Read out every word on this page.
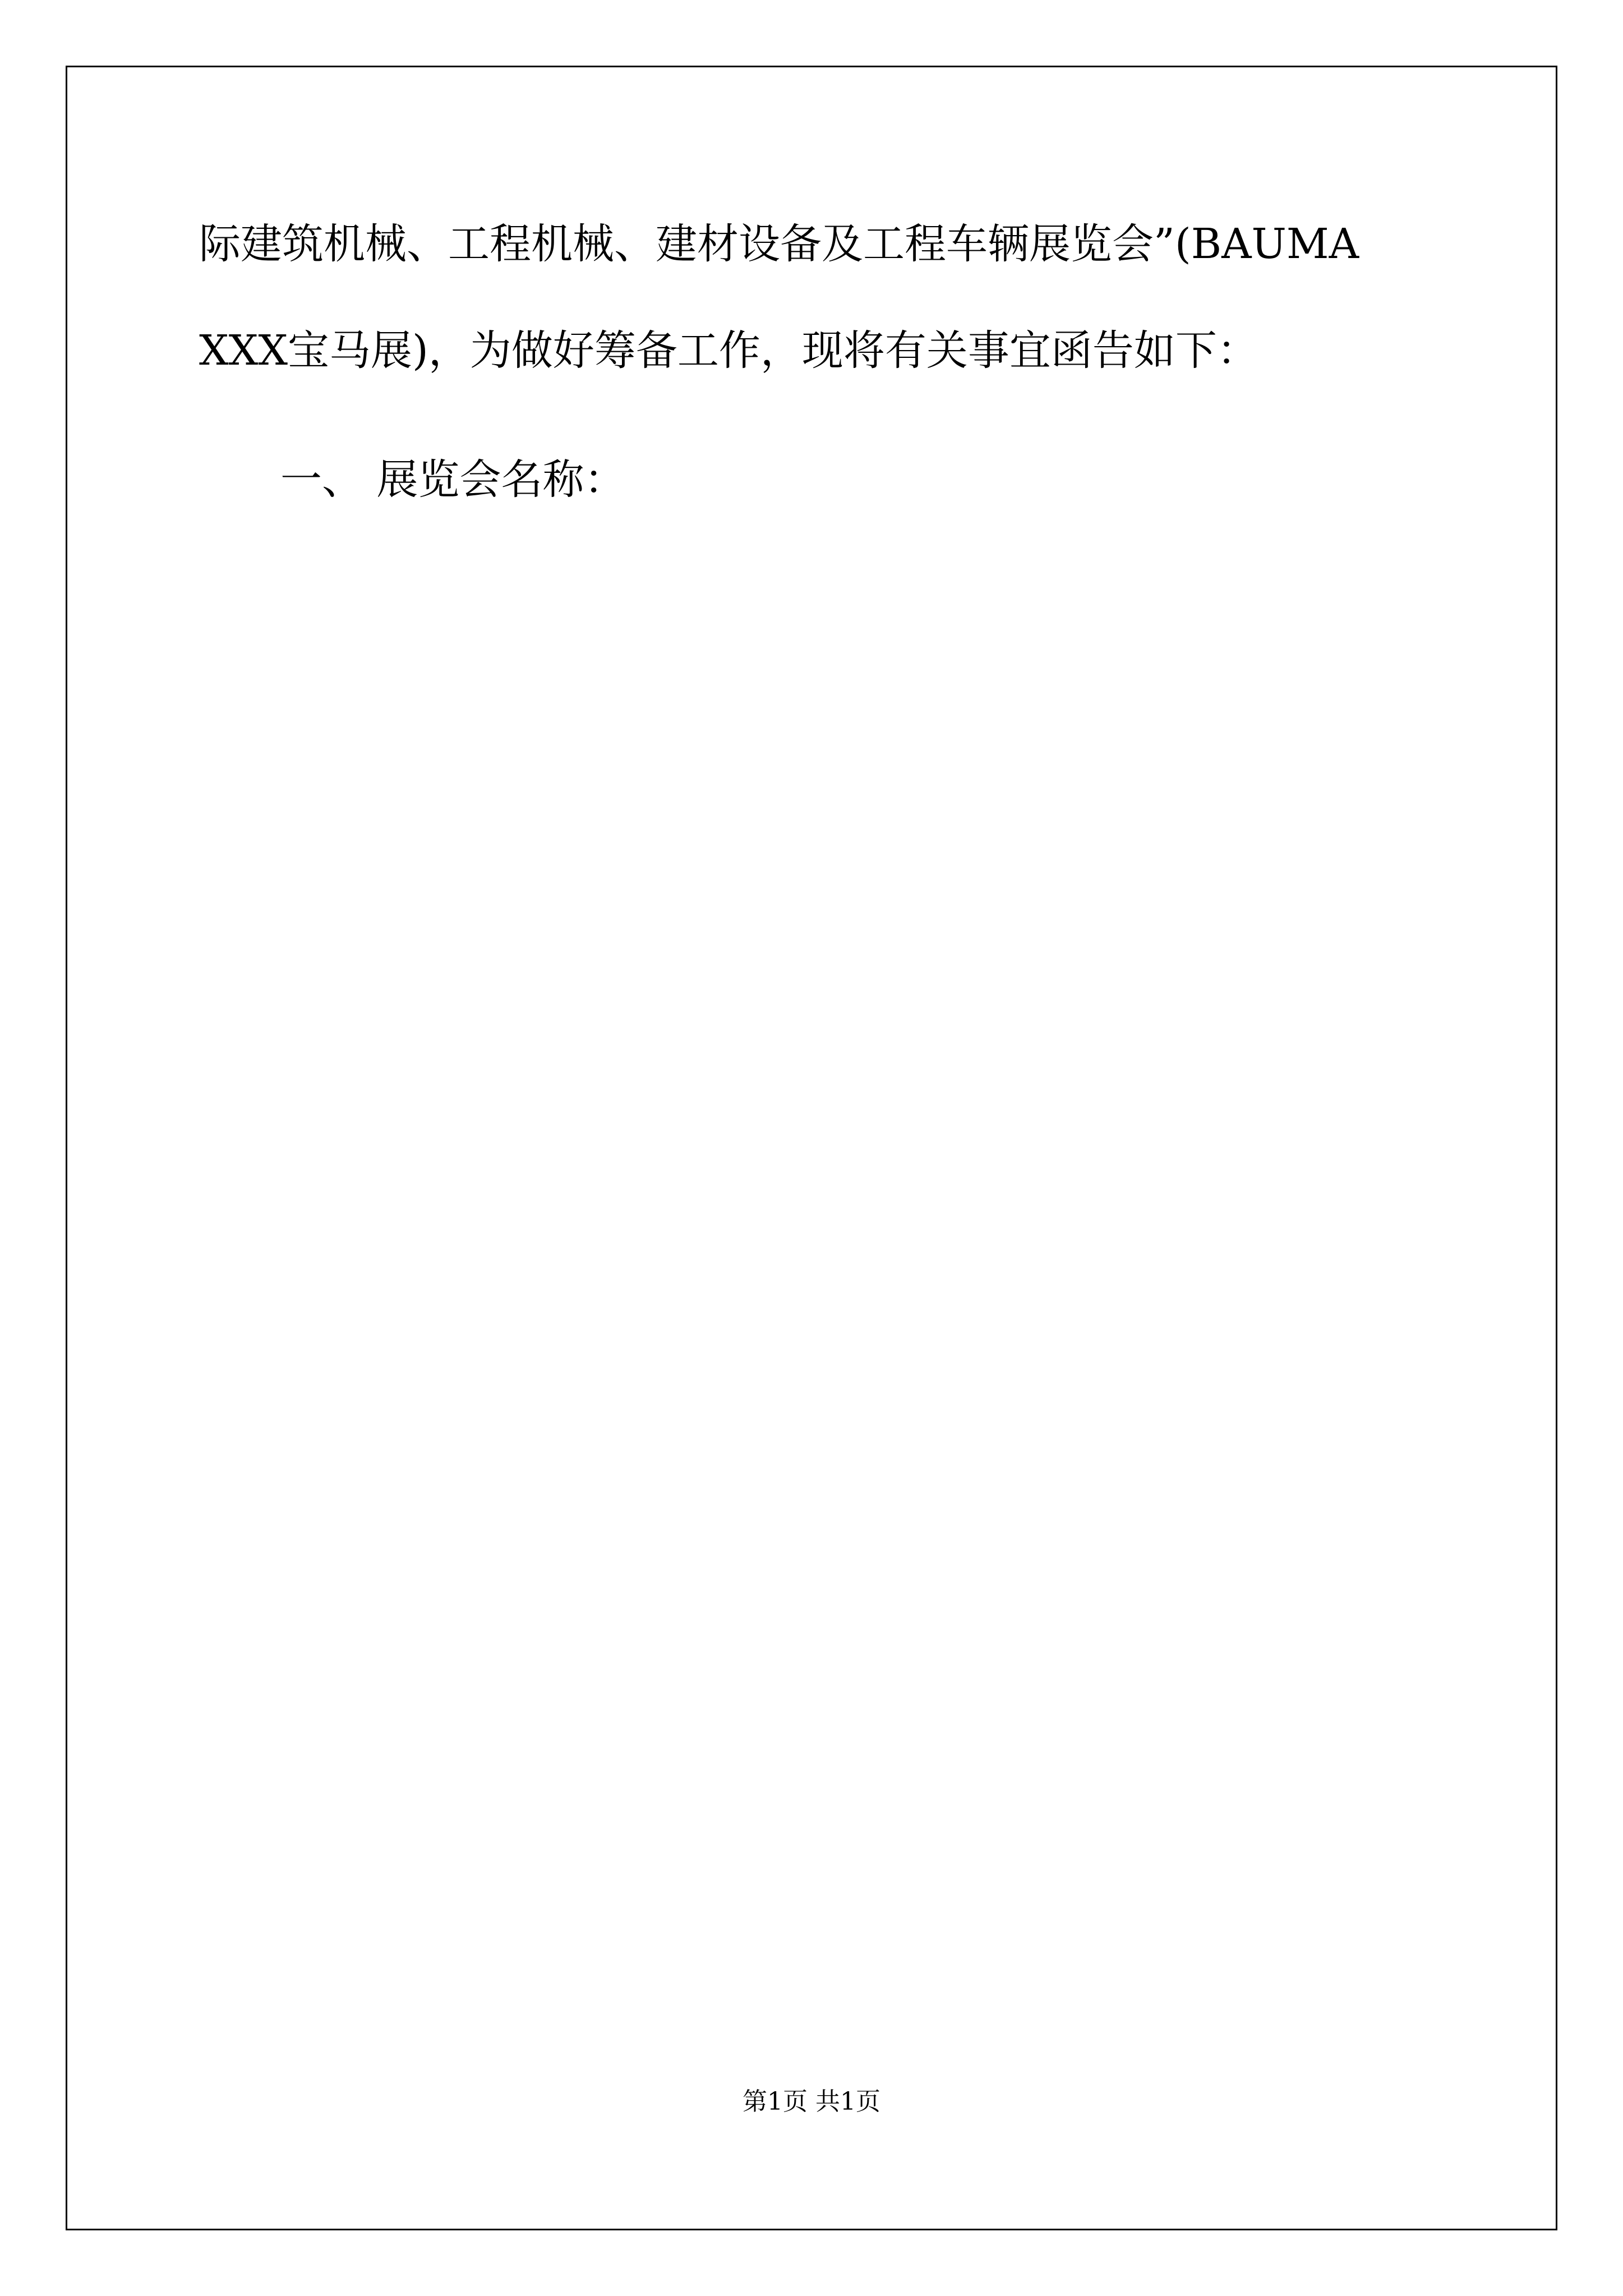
际建筑机械、工程机械、建材设备及工程车辆展览会”(BAUMA XXX宝马展)，为做好筹备工作，现将有关事宜函告如下：

一、 展览会名称：

第1页 共1页
